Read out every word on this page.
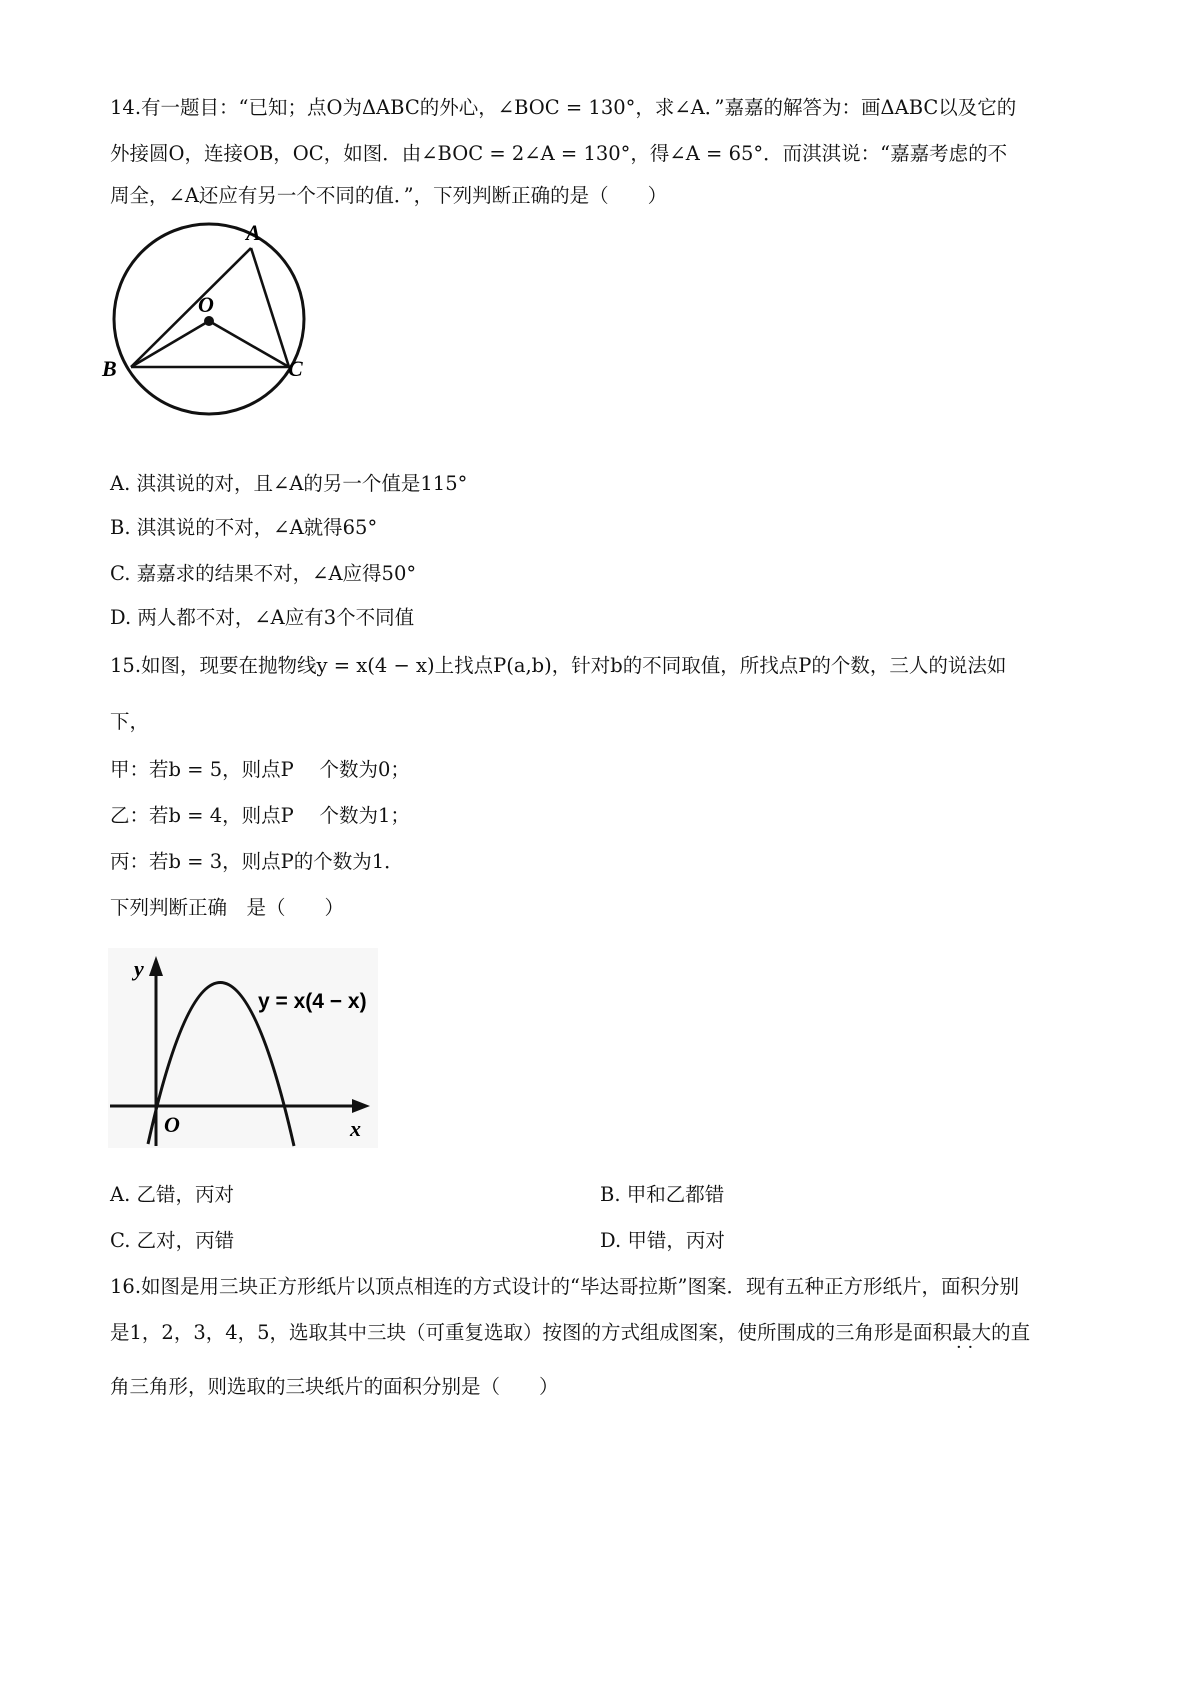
14.有一题目：“已知；点O为ΔABC的外心，∠BOC = 130°，求∠A．”嘉嘉的解答为：画ΔABC以及它的
外接圆O，连接OB，OC，如图．由∠BOC = 2∠A = 130°，得∠A = 65°．而淇淇说：“嘉嘉考虑的不
周全，∠A还应有另一个不同的值．”，下列判断正确的是（　　）
A
O
B	C
A. 淇淇说的对，且∠A的另一个值是115°
B. 淇淇说的不对，∠A就得65°
C. 嘉嘉求的结果不对，∠A应得50°
D. 两人都不对，∠A应有3个不同值
15.如图，现要在抛物线y = x(4 − x)上找点P(a,b)，针对b的不同取值，所找点P的个数，三人的说法如
下，
甲：若b = 5，则点P　 个数为0；
乙：若b = 4，则点P　 个数为1；
丙：若b = 3，则点P的个数为1．
下列判断正确　是（　　）
y
O	x
y = x(4 − x)
A. 乙错，丙对	B. 甲和乙都错
C. 乙对，丙错	D. 甲错，丙对
16.如图是用三块正方形纸片以顶点相连的方式设计的“毕达哥拉斯”图案．现有五种正方形纸片，面积分别
是1，2，3，4，5，选取其中三块（可重复选取）按图的方式组成图案，使所围成的三角形是面积最大 · ·的直
角三角形，则选取的三块纸片的面积分别是（　　）
